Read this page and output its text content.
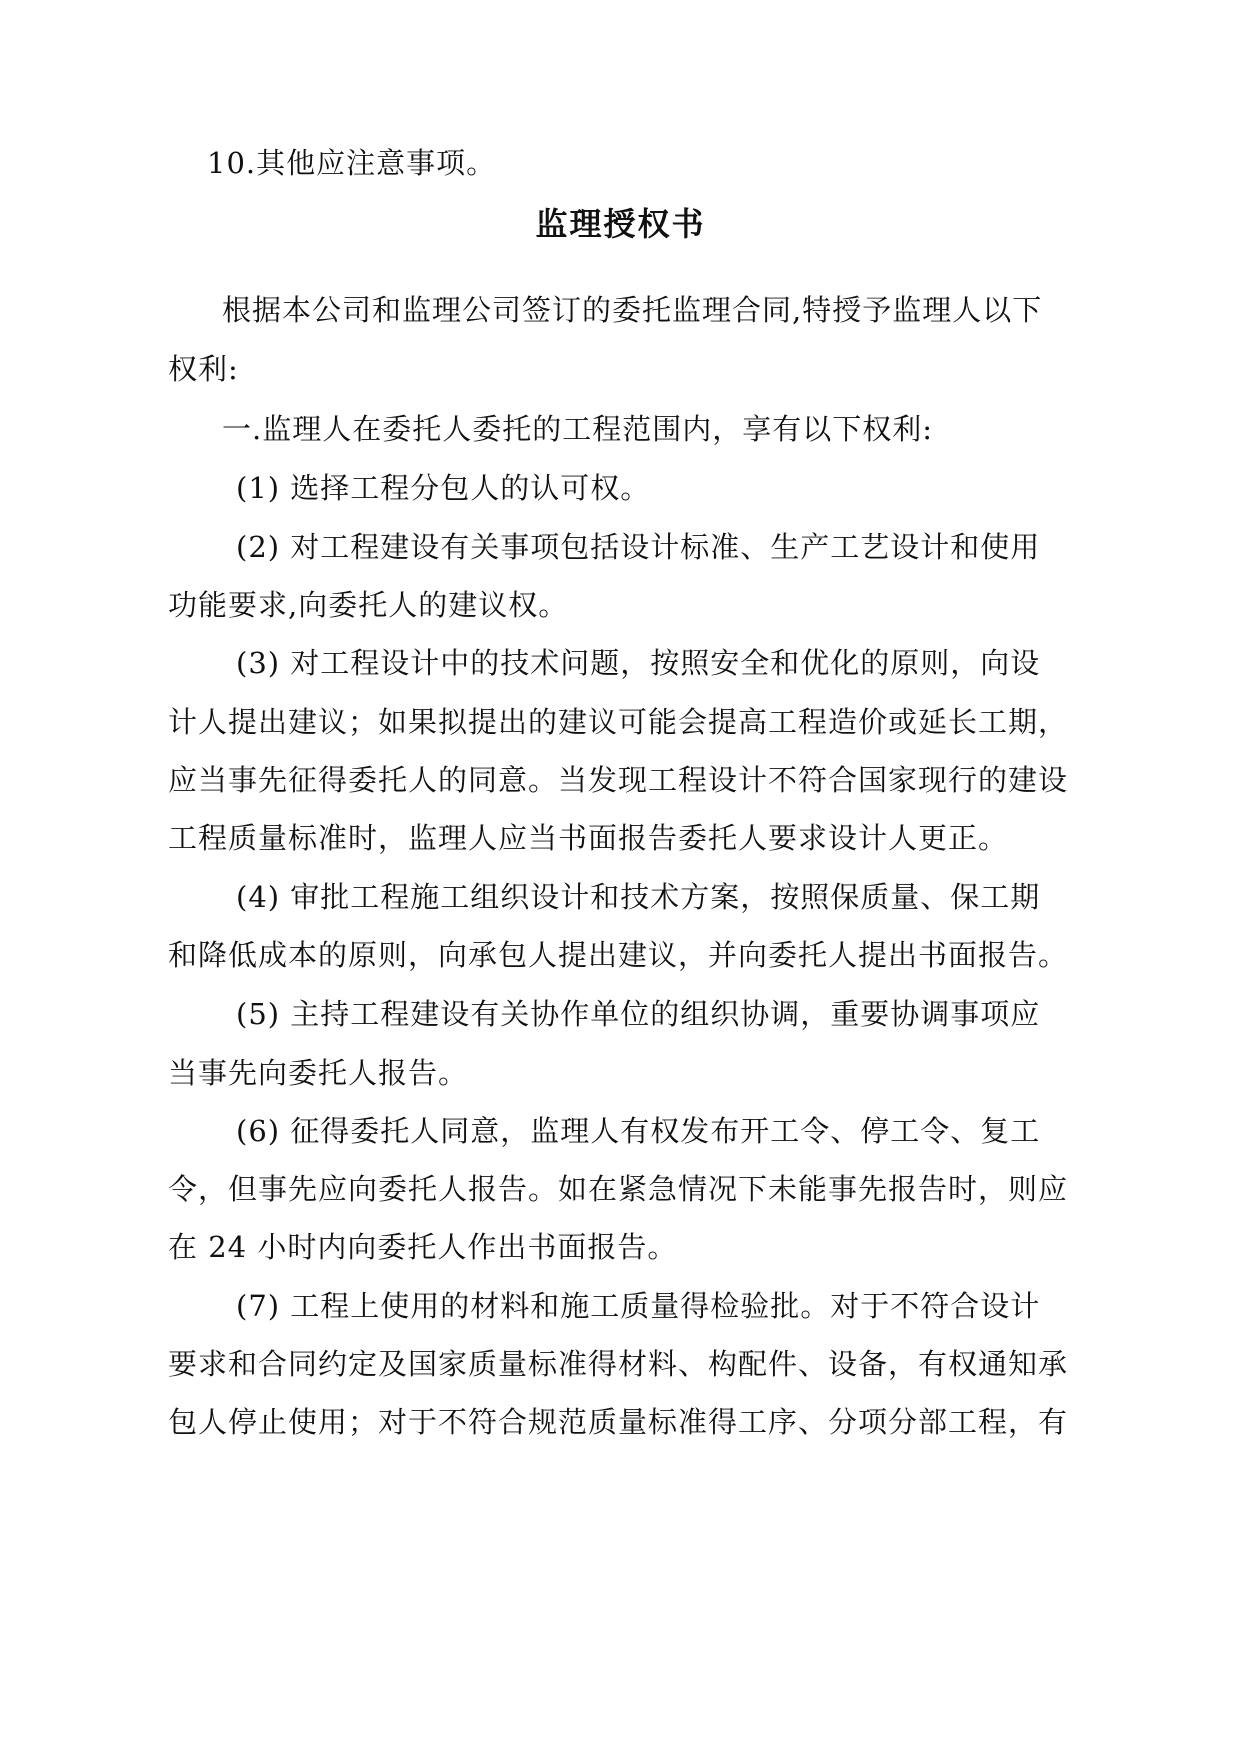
10.其他应注意事项。
监理授权书
根据本公司和监理公司签订的委托监理合同,特授予监理人以下
权利:
一.监理人在委托人委托的工程范围内，享有以下权利:
(1) 选择工程分包人的认可权。
(2) 对工程建设有关事项包括设计标准、生产工艺设计和使用
功能要求,向委托人的建议权。
(3) 对工程设计中的技术问题，按照安全和优化的原则，向设
计人提出建议；如果拟提出的建议可能会提高工程造价或延长工期，
应当事先征得委托人的同意。当发现工程设计不符合国家现行的建设
工程质量标准时，监理人应当书面报告委托人要求设计人更正。
(4) 审批工程施工组织设计和技术方案，按照保质量、保工期
和降低成本的原则，向承包人提出建议，并向委托人提出书面报告。
(5) 主持工程建设有关协作单位的组织协调，重要协调事项应
当事先向委托人报告。
(6) 征得委托人同意，监理人有权发布开工令、停工令、复工
令，但事先应向委托人报告。如在紧急情况下未能事先报告时，则应
在 24 小时内向委托人作出书面报告。
(7) 工程上使用的材料和施工质量得检验批。对于不符合设计
要求和合同约定及国家质量标准得材料、构配件、设备，有权通知承
包人停止使用；对于不符合规范质量标准得工序、分项分部工程，有
